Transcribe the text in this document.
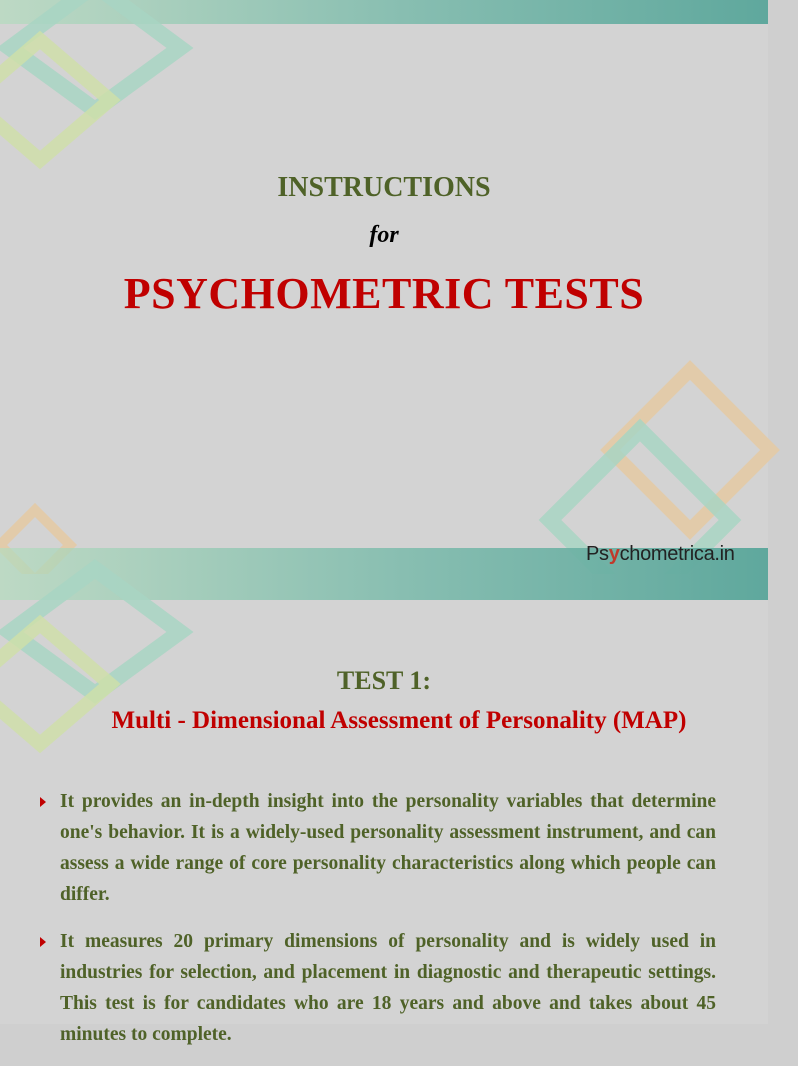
INSTRUCTIONS
for
PSYCHOMETRIC TESTS
Psychometrica.in
TEST 1:
Multi - Dimensional Assessment of Personality (MAP)
It provides an in-depth insight into the personality variables that determine one's behavior. It is a widely-used personality assessment instrument, and can assess a wide range of core personality characteristics along which people can differ.
It measures 20 primary dimensions of personality and is widely used in industries for selection, and placement in diagnostic and therapeutic settings. This test is for candidates who are 18 years and above and takes about 45 minutes to complete.
